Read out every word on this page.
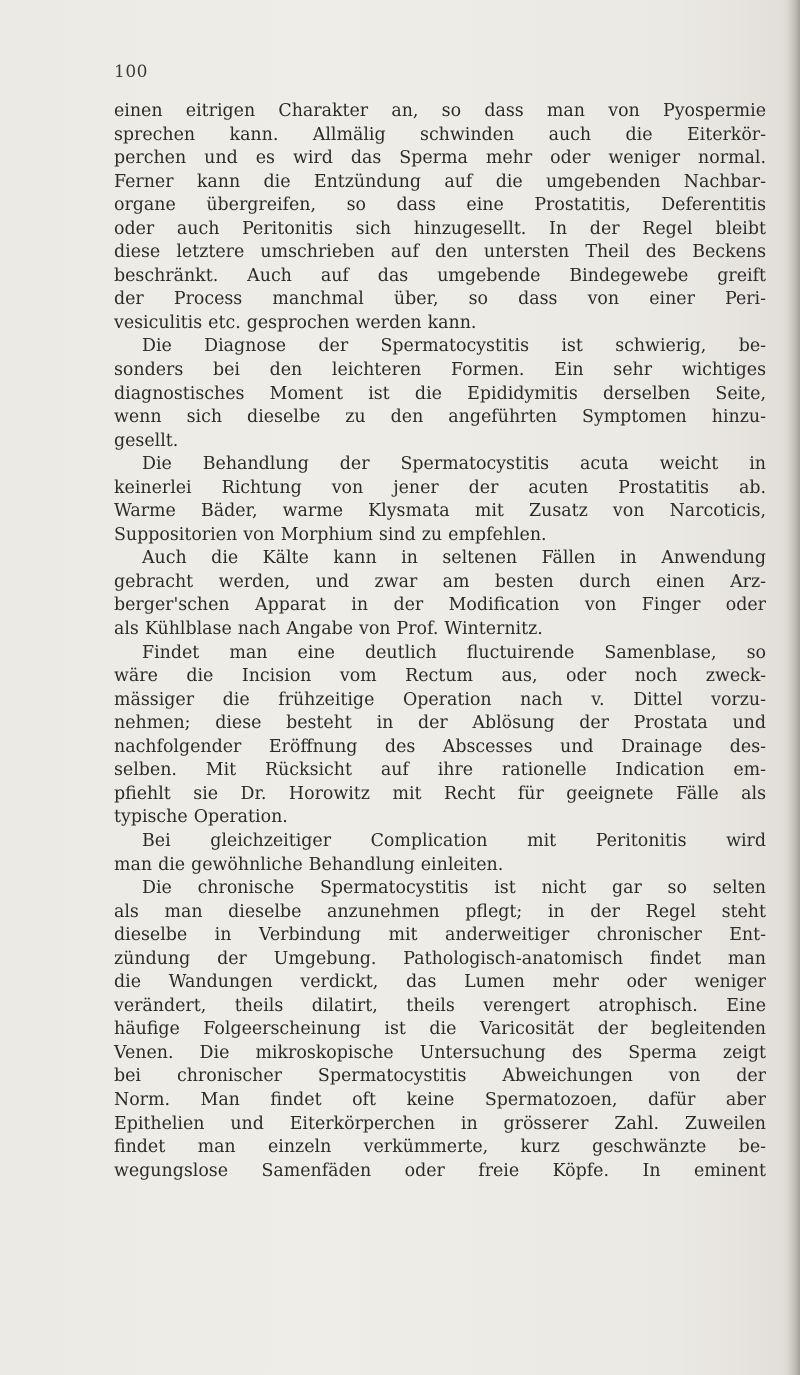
100
einen eitrigen Charakter an, so dass man von Pyospermie
sprechen kann. Allmälig schwinden auch die Eiterkör-
perchen und es wird das Sperma mehr oder weniger normal.
Ferner kann die Entzündung auf die umgebenden Nachbar-
organe übergreifen, so dass eine Prostatitis, Deferentitis
oder auch Peritonitis sich hinzugesellt. In der Regel bleibt
diese letztere umschrieben auf den untersten Theil des Beckens
beschränkt. Auch auf das umgebende Bindegewebe greift
der Process manchmal über, so dass von einer Peri-
vesiculitis etc. gesprochen werden kann.
Die Diagnose der Spermatocystitis ist schwierig, be-
sonders bei den leichteren Formen. Ein sehr wichtiges
diagnostisches Moment ist die Epididymitis derselben Seite,
wenn sich dieselbe zu den angeführten Symptomen hinzu-
gesellt.
Die Behandlung der Spermatocystitis acuta weicht in
keinerlei Richtung von jener der acuten Prostatitis ab.
Warme Bäder, warme Klysmata mit Zusatz von Narcoticis,
Suppositorien von Morphium sind zu empfehlen.
Auch die Kälte kann in seltenen Fällen in Anwendung
gebracht werden, und zwar am besten durch einen Arz-
berger'schen Apparat in der Modification von Finger oder
als Kühlblase nach Angabe von Prof. Winternitz.
Findet man eine deutlich fluctuirende Samenblase, so
wäre die Incision vom Rectum aus, oder noch zweck-
mässiger die frühzeitige Operation nach v. Dittel vorzu-
nehmen; diese besteht in der Ablösung der Prostata und
nachfolgender Eröffnung des Abscesses und Drainage des-
selben. Mit Rücksicht auf ihre rationelle Indication em-
pfiehlt sie Dr. Horowitz mit Recht für geeignete Fälle als
typische Operation.
Bei gleichzeitiger Complication mit Peritonitis wird
man die gewöhnliche Behandlung einleiten.
Die chronische Spermatocystitis ist nicht gar so selten
als man dieselbe anzunehmen pflegt; in der Regel steht
dieselbe in Verbindung mit anderweitiger chronischer Ent-
zündung der Umgebung. Pathologisch-anatomisch findet man
die Wandungen verdickt, das Lumen mehr oder weniger
verändert, theils dilatirt, theils verengert atrophisch. Eine
häufige Folgeerscheinung ist die Varicosität der begleitenden
Venen. Die mikroskopische Untersuchung des Sperma zeigt
bei chronischer Spermatocystitis Abweichungen von der
Norm. Man findet oft keine Spermatozoen, dafür aber
Epithelien und Eiterkörperchen in grösserer Zahl. Zuweilen
findet man einzeln verkümmerte, kurz geschwänzte be-
wegungslose Samenfäden oder freie Köpfe. In eminent
